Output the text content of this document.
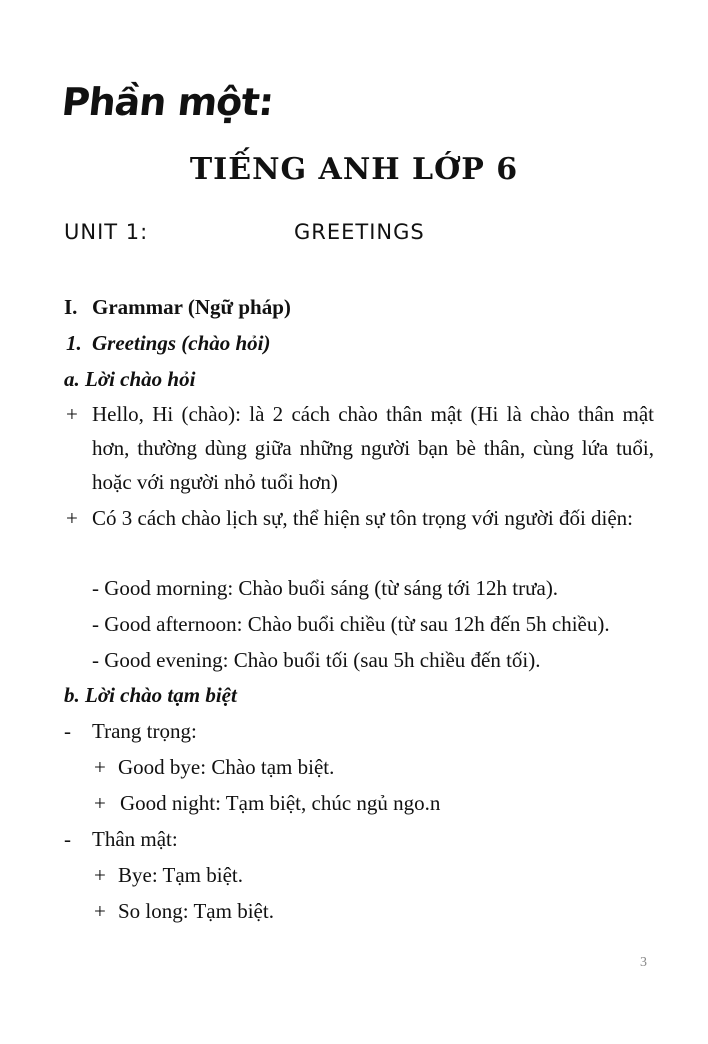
Phần một:
TIẾNG ANH LỚP 6
UNIT 1:	GREETINGS
I. Grammar (Ngữ pháp)
1. Greetings (chào hỏi)
a. Lời chào hỏi
+ Hello, Hi (chào): là 2 cách chào thân mật (Hi là chào thân mật hơn, thường dùng giữa những người bạn bè thân, cùng lứa tuổi, hoặc với người nhỏ tuổi hơn)
+ Có 3 cách chào lịch sự, thể hiện sự tôn trọng với người đối diện:
- Good morning: Chào buổi sáng (từ sáng tới 12h trưa).
- Good afternoon: Chào buổi chiều (từ sau 12h đến 5h chiều).
- Good evening: Chào buổi tối (sau 5h chiều đến tối).
b. Lời chào tạm biệt
- Trang trọng:
+ Good bye: Chào tạm biệt.
+ Good night: Tạm biệt, chúc ngủ ngo.n
- Thân mật:
+ Bye: Tạm biệt.
+ So long: Tạm biệt.
3
